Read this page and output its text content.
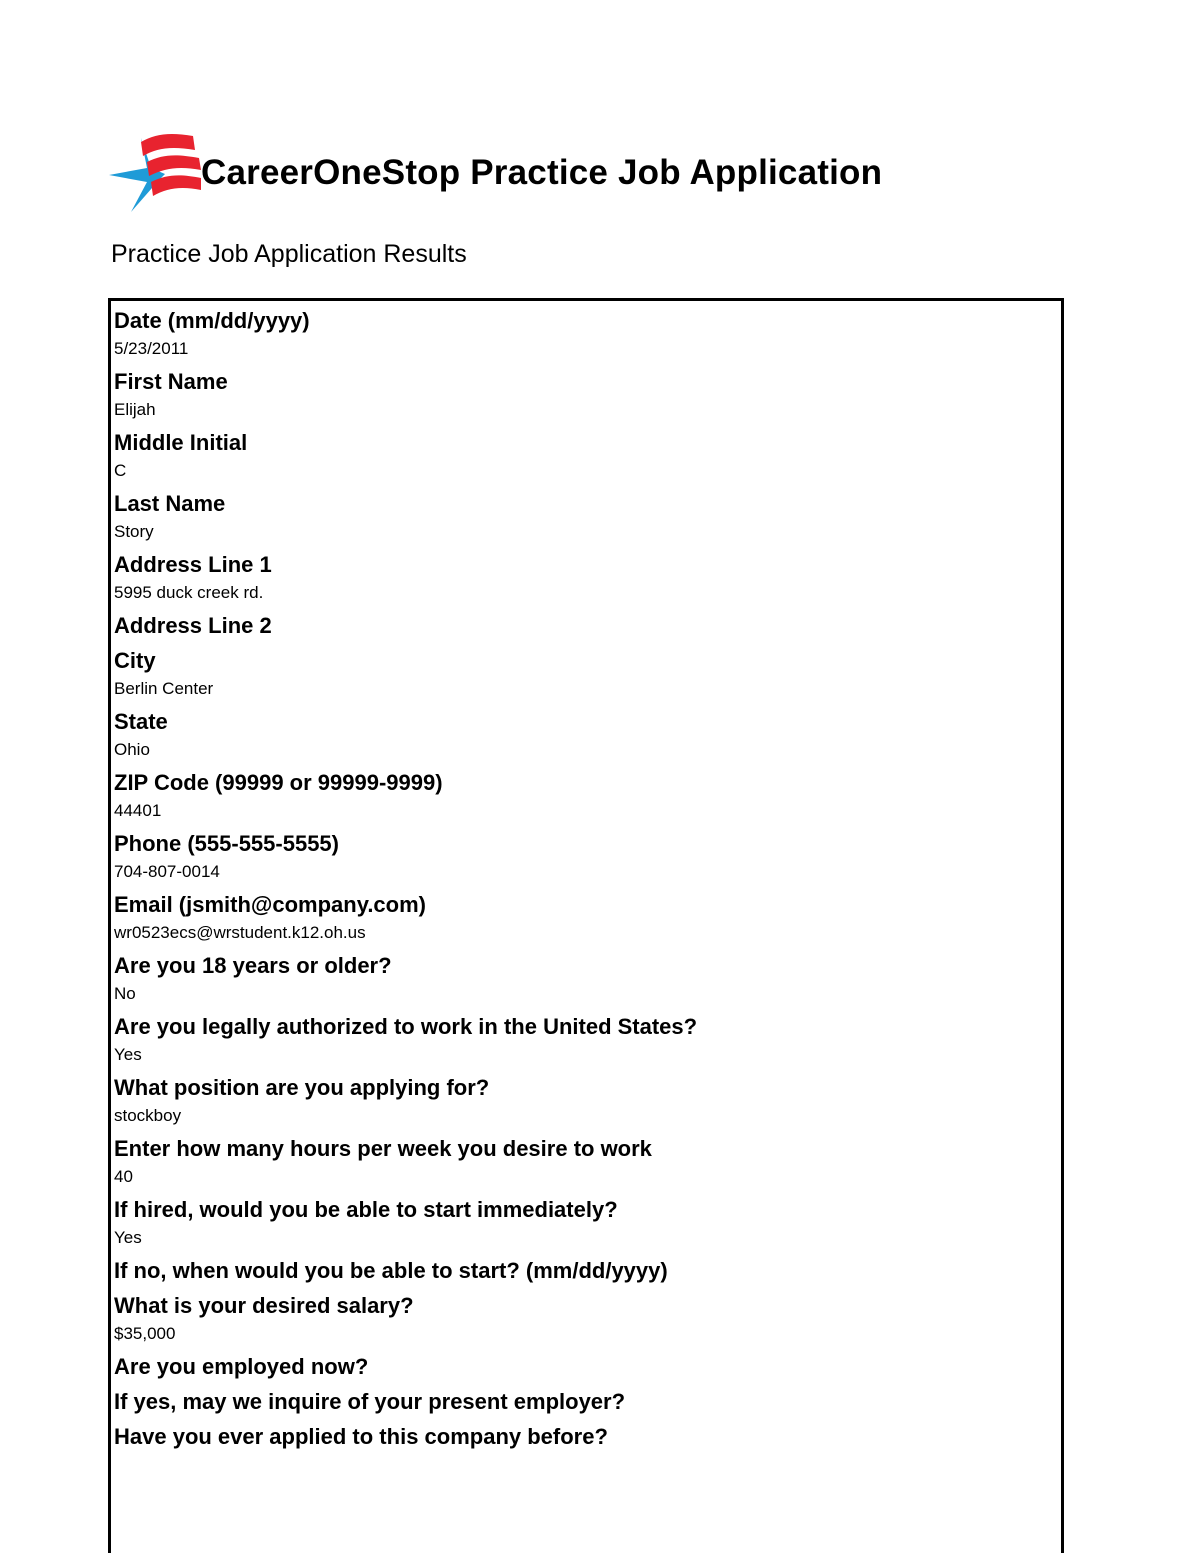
CareerOneStop Practice Job Application
Practice Job Application Results
Date (mm/dd/yyyy)
5/23/2011
First Name
Elijah
Middle Initial
C
Last Name
Story
Address Line 1
5995 duck creek rd.
Address Line 2
City
Berlin Center
State
Ohio
ZIP Code (99999 or 99999-9999)
44401
Phone (555-555-5555)
704-807-0014
Email (jsmith@company.com)
wr0523ecs@wrstudent.k12.oh.us
Are you 18 years or older?
No
Are you legally authorized to work in the United States?
Yes
What position are you applying for?
stockboy
Enter how many hours per week you desire to work
40
If hired, would you be able to start immediately?
Yes
If no, when would you be able to start? (mm/dd/yyyy)
What is your desired salary?
$35,000
Are you employed now?
If yes, may we inquire of your present employer?
Have you ever applied to this company before?
